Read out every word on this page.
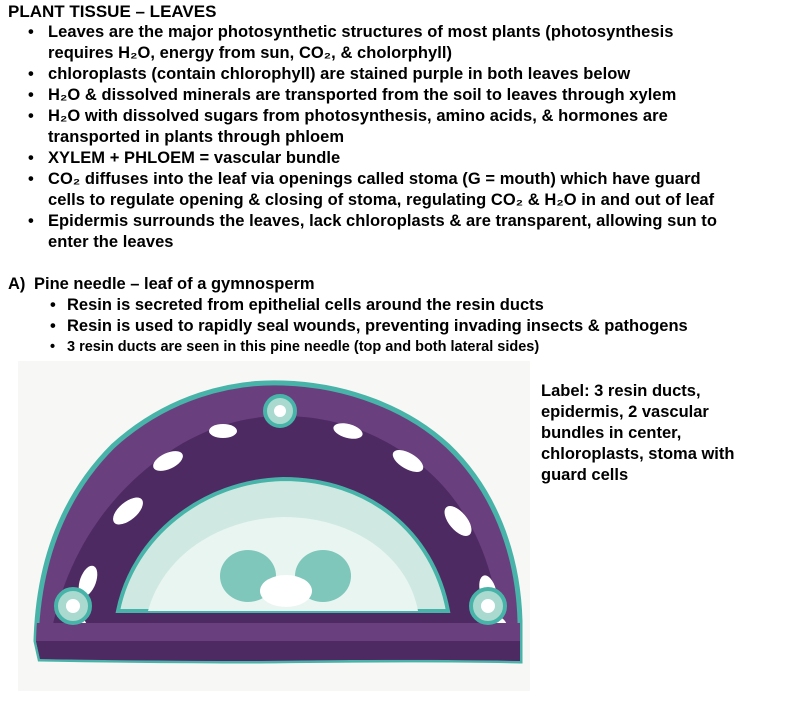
PLANT TISSUE – LEAVES
• Leaves are the major photosynthetic structures of most plants (photosynthesis
requires H₂O, energy from sun, CO₂, & cholorphyll)
• chloroplasts (contain chlorophyll) are stained purple in both leaves below
• H₂O & dissolved minerals are transported from the soil to leaves through xylem
• H₂O with dissolved sugars from photosynthesis, amino acids, & hormones are
transported in plants through phloem
• XYLEM + PHLOEM = vascular bundle
• CO₂ diffuses into the leaf via openings called stoma (G = mouth) which have guard
cells to regulate opening & closing of stoma, regulating CO₂ & H₂O in and out of leaf
• Epidermis surrounds the leaves, lack chloroplasts & are transparent, allowing sun to
enter the leaves
A) Pine needle – leaf of a gymnosperm
• Resin is secreted from epithelial cells around the resin ducts
• Resin is used to rapidly seal wounds, preventing invading insects & pathogens
• 3 resin ducts are seen in this pine needle (top and both lateral sides)
Label: 3 resin ducts,
epidermis, 2 vascular
bundles in center,
chloroplasts, stoma with
guard cells
